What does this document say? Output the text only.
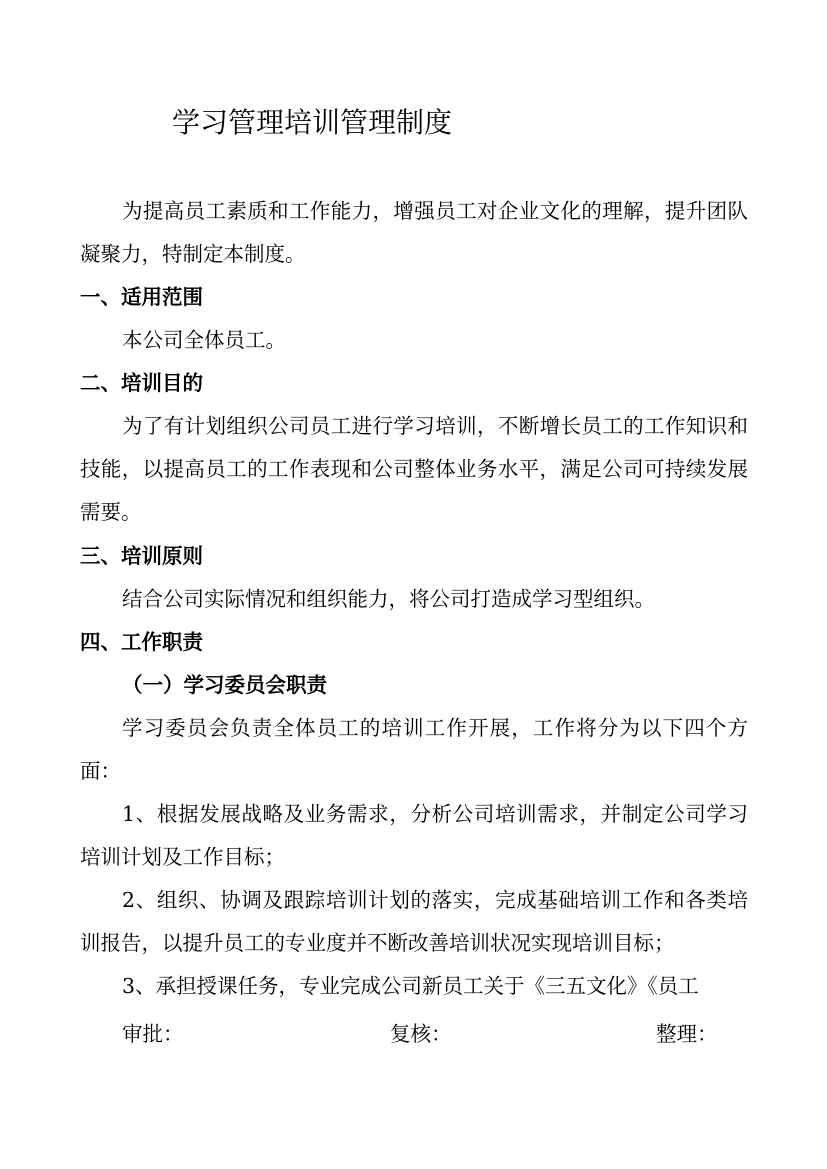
学习管理培训管理制度

为提高员工素质和工作能力，增强员工对企业文化的理解，提升团队凝聚力，特制定本制度。

一、适用范围

本公司全体员工。

二、培训目的

为了有计划组织公司员工进行学习培训，不断增长员工的工作知识和技能，以提高员工的工作表现和公司整体业务水平，满足公司可持续发展需要。

三、培训原则

结合公司实际情况和组织能力，将公司打造成学习型组织。

四、工作职责
（一）学习委员会职责

学习委员会负责全体员工的培训工作开展，工作将分为以下四个方面：

1、根据发展战略及业务需求，分析公司培训需求，并制定公司学习培训计划及工作目标；

2、组织、协调及跟踪培训计划的落实，完成基础培训工作和各类培训报告，以提升员工的专业度并不断改善培训状况实现培训目标；

3、承担授课任务，专业完成公司新员工关于《三五文化》《员工

审批：	复核：	整理：
